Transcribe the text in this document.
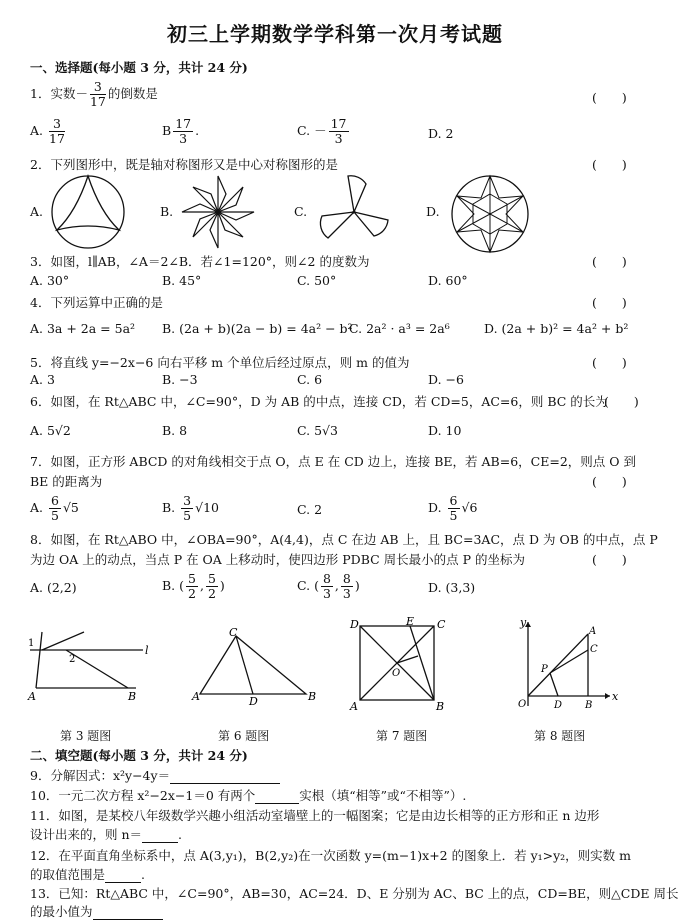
初三上学期数学学科第一次月考试题
一、选择题(每小题 3 分，共计 24 分)
1．实数－ $\frac{3}{17}$ 的倒数是	(　　)
A. $\frac{3}{17}$	B $\frac{17}{3}$ .	C. － $\frac{17}{3}$	D. 2
2．下列图形中，既是轴对称图形又是中心对称图形的是	(　　)
A.	B.	C.	D.
3．如图，l∥AB，∠A＝2∠B．若∠1=120°，则∠2 的度数为	(　　)
A. 30°	B. 45°	C. 50°	D. 60°
4．下列运算中正确的是	(　　)
A. 3a + 2a = 5a² B. (2a + b)(2a − b) = 4a² − b²
C. 2a² · a³ = 2a⁶	D. (2a + b)² = 4a² + b²
5．将直线 y=−2x−6 向右平移 m 个单位后经过原点，则 m 的值为	(　　)
A. 3	B. −3	C. 6	D. −6
6．如图，在 Rt△ABC 中，∠C=90°，D 为 AB 的中点，连接 CD，若 CD=5，AC=6，则 BC 的长为
(　　)
A. 5√2	B. 8	C. 5√3	D. 10
7．如图，正方形 ABCD 的对角线相交于点 O，点 E 在 CD 边上，连接 BE，若 AB=6，CE=2，则点 O 到
BE 的距离为	(　　)
A. $\frac{6}{5} √5$	B. $\frac{3}{5} √10$	C. 2	D. $\frac{6}{5} √6$
8．如图，在 Rt△ABO 中，∠OBA=90°，A(4,4)，点 C 在边 AB 上，且 BC=3AC，点 D 为 OB 的中点，点 P
为边 OA 上的动点，当点 P 在 OA 上移动时，使四边形 PDBC 周长最小的点 P 的坐标为	(　　)
A. (2,2)	B. ( $\frac{5}{2}$ , $\frac{5}{2}$ )	C. ( $\frac{8}{3}$ , $\frac{8}{3}$ )	D. (3,3)
1
2
l
A	B
第 3 题图
C
A	D	B
第 6 题图
D	E C
O
A	B
第 7 题图
y
x
A
C
P
O	D B
第 8 题图
二、填空题(每小题 3 分，共计 24 分)
9．分解因式：x²y−4y＝
10．一元二次方程 x²−2x−1＝0 有两个	实根（填“相等”或“不相等”）.
11．如图，是某校八年级数学兴趣小组活动室墙壁上的一幅图案；它是由边长相等的正方形和正 n 边形
设计出来的，则 n＝	.
12．在平面直角坐标系中，点 A(3,y₁)，B(2,y₂)在一次函数 y=(m−1)x+2 的图象上．若 y₁>y₂，则实数 m
的取值范围是	.
13．已知：Rt△ABC 中，∠C=90°，AB=30，AC=24．D、E 分别为 AC、BC 上的点，CD=BE，则△CDE 周长
的最小值为
